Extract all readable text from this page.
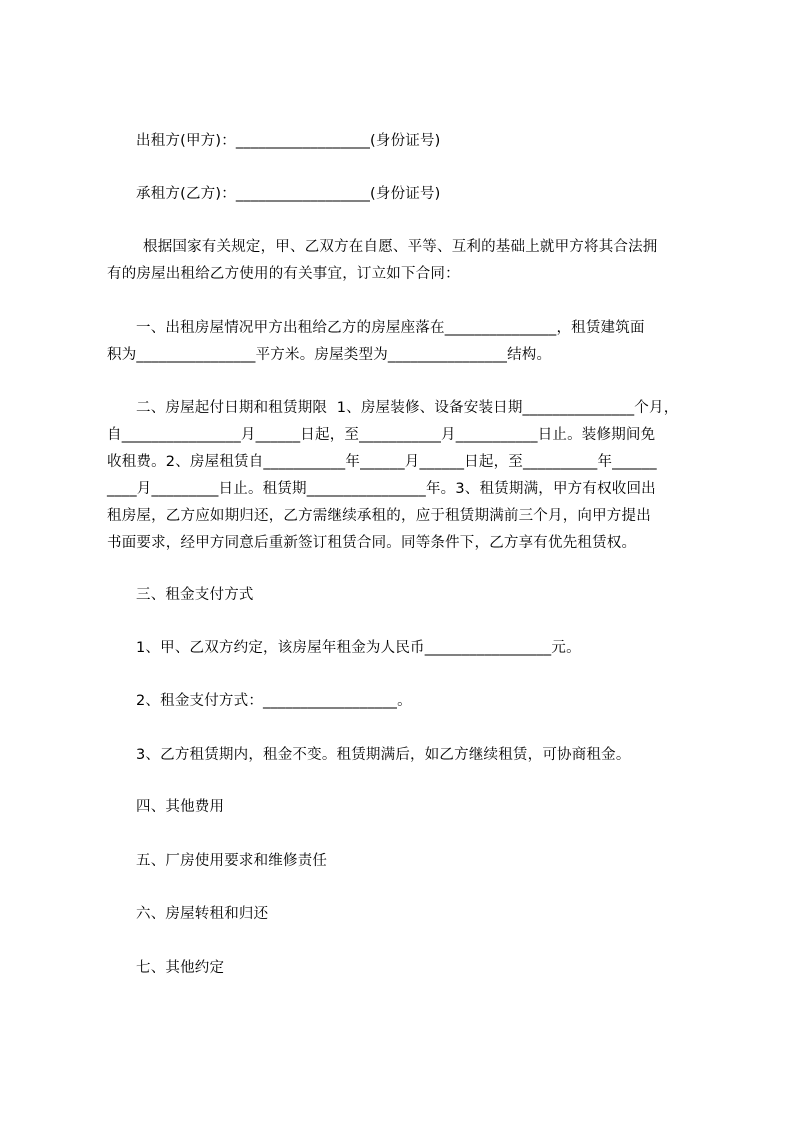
出租方(甲方)：__________________(身份证号)
承租方(乙方)：__________________(身份证号)
根据国家有关规定，甲、乙双方在自愿、平等、互利的基础上就甲方将其合法拥
有的房屋出租给乙方使用的有关事宜，订立如下合同：
一、出租房屋情况甲方出租给乙方的房屋座落在_______________，租赁建筑面
积为________________平方米。房屋类型为________________结构。
二、房屋起付日期和租赁期限  1、房屋装修、设备安装日期_______________个月，
自________________月______日起，至___________月___________日止。装修期间免
收租费。2、房屋租赁自___________年______月______日起，至__________年______
____月_________日止。租赁期________________年。3、租赁期满，甲方有权收回出
租房屋，乙方应如期归还，乙方需继续承租的，应于租赁期满前三个月，向甲方提出
书面要求，经甲方同意后重新签订租赁合同。同等条件下，乙方享有优先租赁权。
三、租金支付方式
1、甲、乙双方约定，该房屋年租金为人民币_________________元。
2、租金支付方式：__________________。
3、乙方租赁期内，租金不变。租赁期满后，如乙方继续租赁，可协商租金。
四、其他费用
五、厂房使用要求和维修责任
六、房屋转租和归还
七、其他约定
